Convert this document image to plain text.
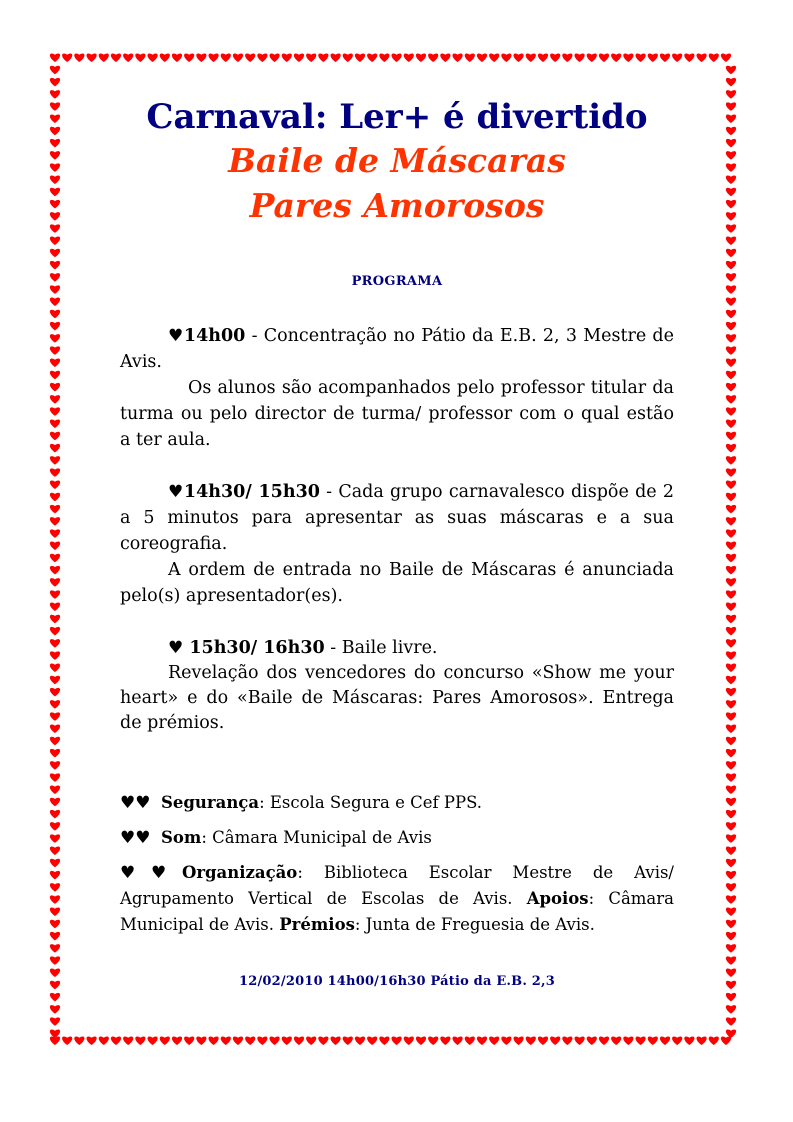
Carnaval: Ler+ é divertido
Baile de Máscaras
Pares Amorosos
PROGRAMA

♥14h00 - Concentração no Pátio da E.B. 2, 3 Mestre de Avis.

Os alunos são acompanhados pelo professor titular da turma ou pelo director de turma/ professor com o qual estão a ter aula.

♥14h30/ 15h30 - Cada grupo carnavalesco dispõe de 2 a 5 minutos para apresentar as suas máscaras e a sua coreografia.

A ordem de entrada no Baile de Máscaras é anunciada pelo(s) apresentador(es).

♥ 15h30/ 16h30 - Baile livre.

Revelação dos vencedores do concurso «Show me your heart» e do «Baile de Máscaras: Pares Amorosos». Entrega de prémios.

♥♥ Segurança: Escola Segura e Cef PPS.

♥♥ Som: Câmara Municipal de Avis

♥♥Organização: Biblioteca Escolar Mestre de Avis/ Agrupamento Vertical de Escolas de Avis. Apoios: Câmara Municipal de Avis. Prémios: Junta de Freguesia de Avis.

12/02/2010 14h00/16h30 Pátio da E.B. 2,3
